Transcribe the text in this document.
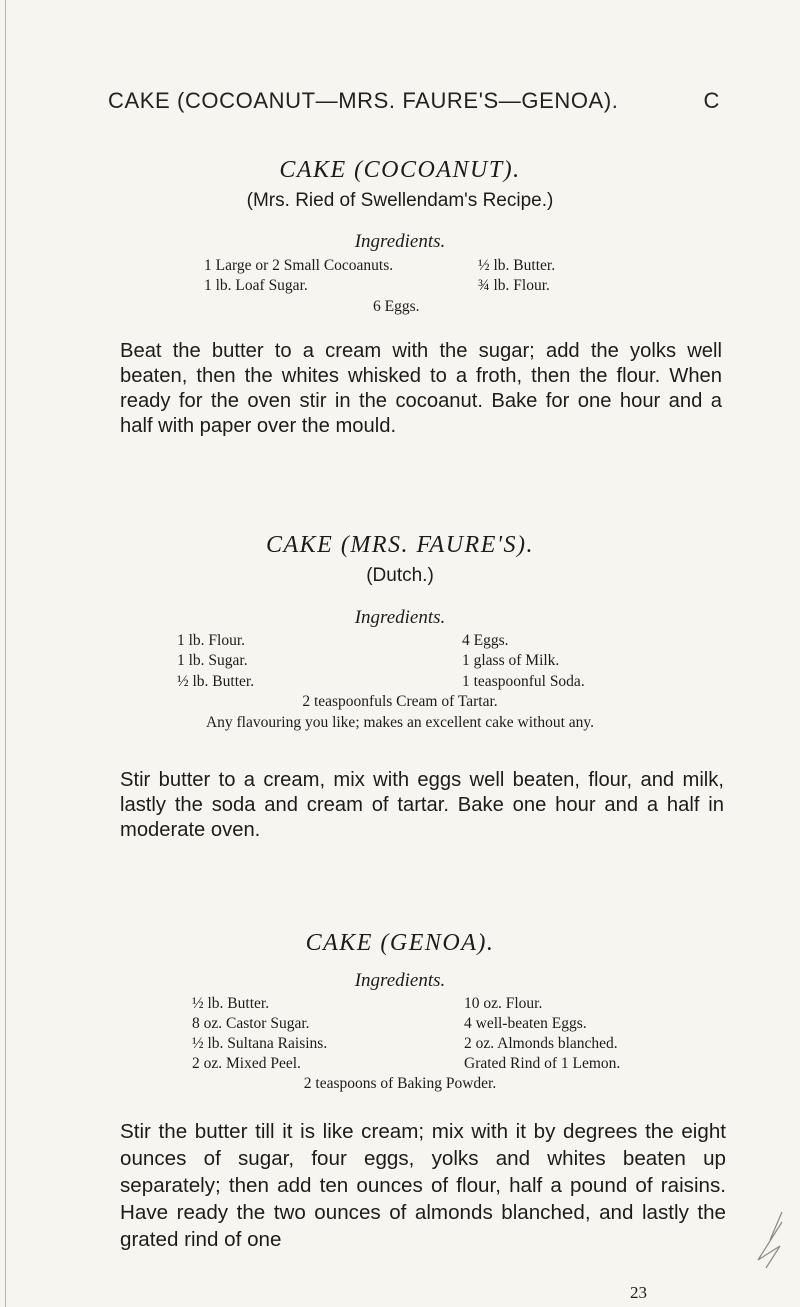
CAKE (COCOANUT—MRS. FAURE'S—GENOA).	C
CAKE (COCOANUT).
(Mrs. Ried of Swellendam's Recipe.)
Ingredients.
1 Large or 2 Small Cocoanuts.	½ lb. Butter.
1 lb. Loaf Sugar.	¾ lb. Flour.
6 Eggs.

Beat the butter to a cream with the sugar; add the yolks well beaten, then the whites whisked to a froth, then the flour. When ready for the oven stir in the cocoanut. Bake for one hour and a half with paper over the mould.

CAKE (MRS. FAURE'S).
(Dutch.)
Ingredients.
1 lb. Flour.	4 Eggs.
1 lb. Sugar.	1 glass of Milk.
½ lb. Butter.	1 teaspoonful Soda.
2 teaspoonfuls Cream of Tartar.
Any flavouring you like; makes an excellent cake without any.

Stir butter to a cream, mix with eggs well beaten, flour, and milk, lastly the soda and cream of tartar. Bake one hour and a half in moderate oven.

CAKE (GENOA).
Ingredients.
½ lb. Butter.	10 oz. Flour.
8 oz. Castor Sugar.	4 well-beaten Eggs.
½ lb. Sultana Raisins.	2 oz. Almonds blanched.
2 oz. Mixed Peel.	Grated Rind of 1 Lemon.
2 teaspoons of Baking Powder.

Stir the butter till it is like cream; mix with it by degrees the eight ounces of sugar, four eggs, yolks and whites beaten up separately; then add ten ounces of flour, half a pound of raisins. Have ready the two ounces of almonds blanched, and lastly the grated rind of one

23
